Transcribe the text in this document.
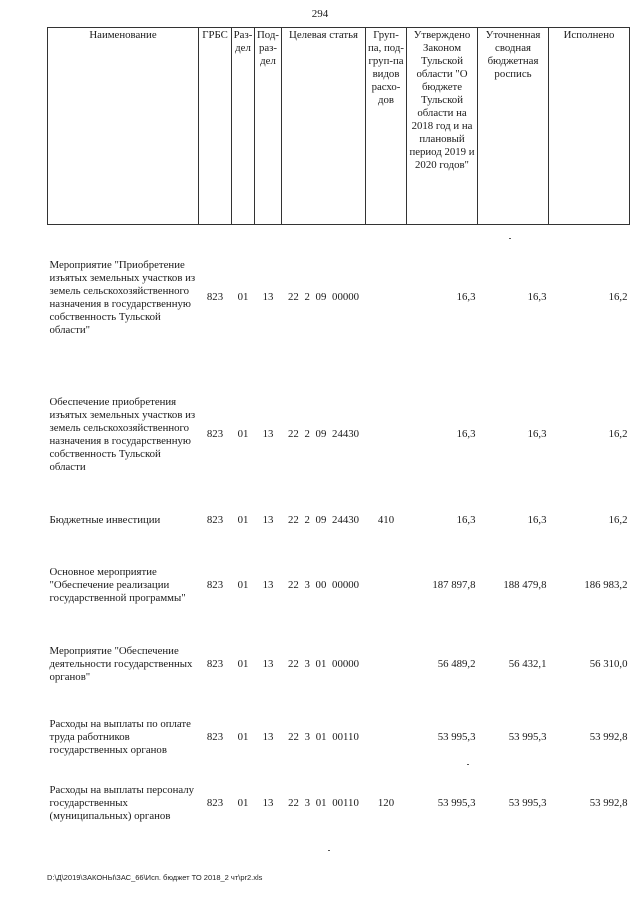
294
Наименование	ГРБС	Раз-дел	Под-раз-дел	Целевая статья	Груп-па, под-груп-па видов расхо-дов	Утверждено Законом Тульской области "О бюджете Тульской области на 2018 год и на плановый период 2019 и 2020 годов"	Уточненная сводная бюджетная роспись	Исполнено
Мероприятие "Приобретение изъятых земельных участков из земель сельскохозяйственного назначения в государственную собственность Тульской области"	823	01	13	22 2 09 00000		16,3	16,3	16,2
Обеспечение приобретения изъятых земельных участков из земель сельскохозяйственного назначения в государственную собственность Тульской области	823	01	13	22 2 09 24430		16,3	16,3	16,2
Бюджетные инвестиции	823	01	13	22 2 09 24430	410	16,3	16,3	16,2
Основное мероприятие "Обеспечение реализации государственной программы"	823	01	13	22 3 00 00000		187 897,8	188 479,8	186 983,2
Мероприятие "Обеспечение деятельности государственных органов"	823	01	13	22 3 01 00000		56 489,2	56 432,1	56 310,0
Расходы на выплаты по оплате труда работников государственных органов	823	01	13	22 3 01 00110		53 995,3	53 995,3	53 992,8
Расходы на выплаты персоналу государственных (муниципальных) органов	823	01	13	22 3 01 00110	120	53 995,3	53 995,3	53 992,8
D:\Д\2019\ЗАКОНЫ\ЗАС_66\Исп. бюджет ТО 2018_2 чт\pr2.xls
